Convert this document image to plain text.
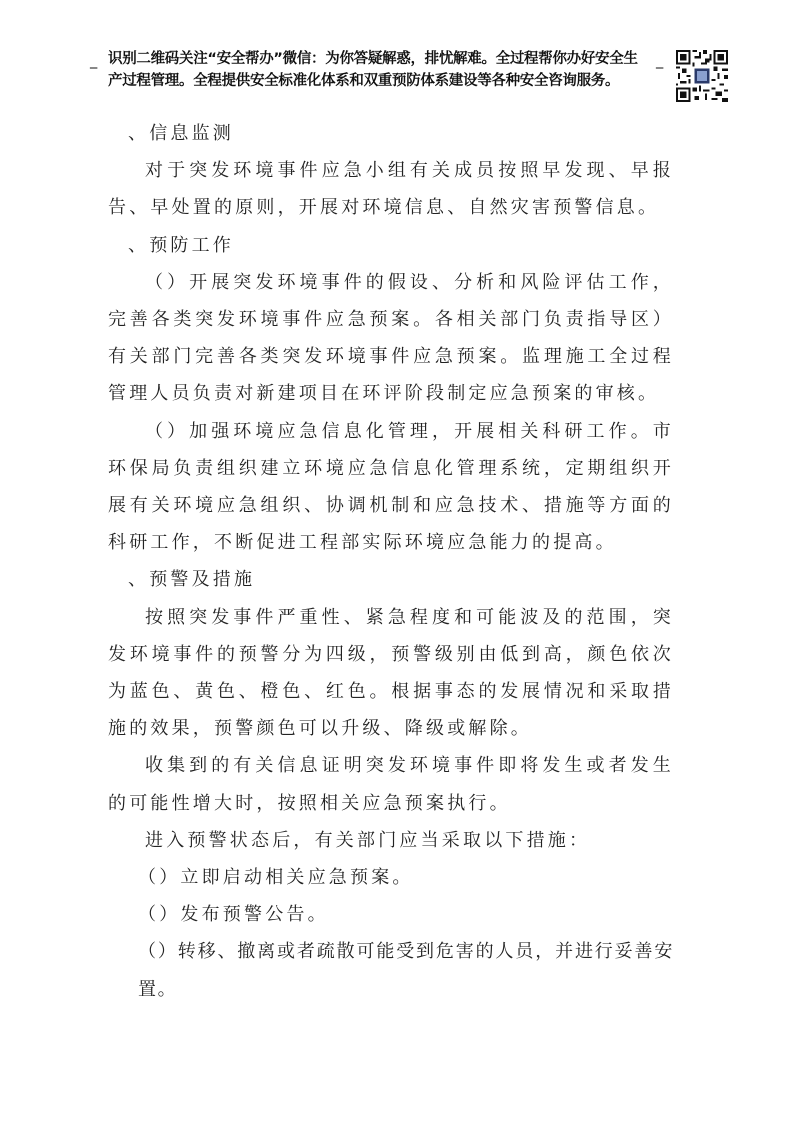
_ 识别二维码关注“安全帮办”微信：为你答疑解惑，排忧解难。全过程帮你办好安全生
产过程管理。全程提供安全标准化体系和双重预防体系建设等各种安全咨询服务。
_

、信息监测

对于突发环境事件应急小组有关成员按照早发现、早报告、早处置的原则，开展对环境信息、自然灾害预警信息。

、预防工作

（）开展突发环境事件的假设、分析和风险评估工作，完善各类突发环境事件应急预案。各相关部门负责指导区）有关部门完善各类突发环境事件应急预案。监理施工全过程管理人员负责对新建项目在环评阶段制定应急预案的审核。

（）加强环境应急信息化管理，开展相关科研工作。市环保局负责组织建立环境应急信息化管理系统，定期组织开展有关环境应急组织、协调机制和应急技术、措施等方面的科研工作，不断促进工程部实际环境应急能力的提高。

、预警及措施

按照突发事件严重性、紧急程度和可能波及的范围，突发环境事件的预警分为四级，预警级别由低到高，颜色依次为蓝色、黄色、橙色、红色。根据事态的发展情况和采取措施的效果，预警颜色可以升级、降级或解除。

收集到的有关信息证明突发环境事件即将发生或者发生的可能性增大时，按照相关应急预案执行。

进入预警状态后，有关部门应当采取以下措施：

（）立即启动相关应急预案。

（）发布预警公告。

（）转移、撤离或者疏散可能受到危害的人员，并进行妥善安置。
